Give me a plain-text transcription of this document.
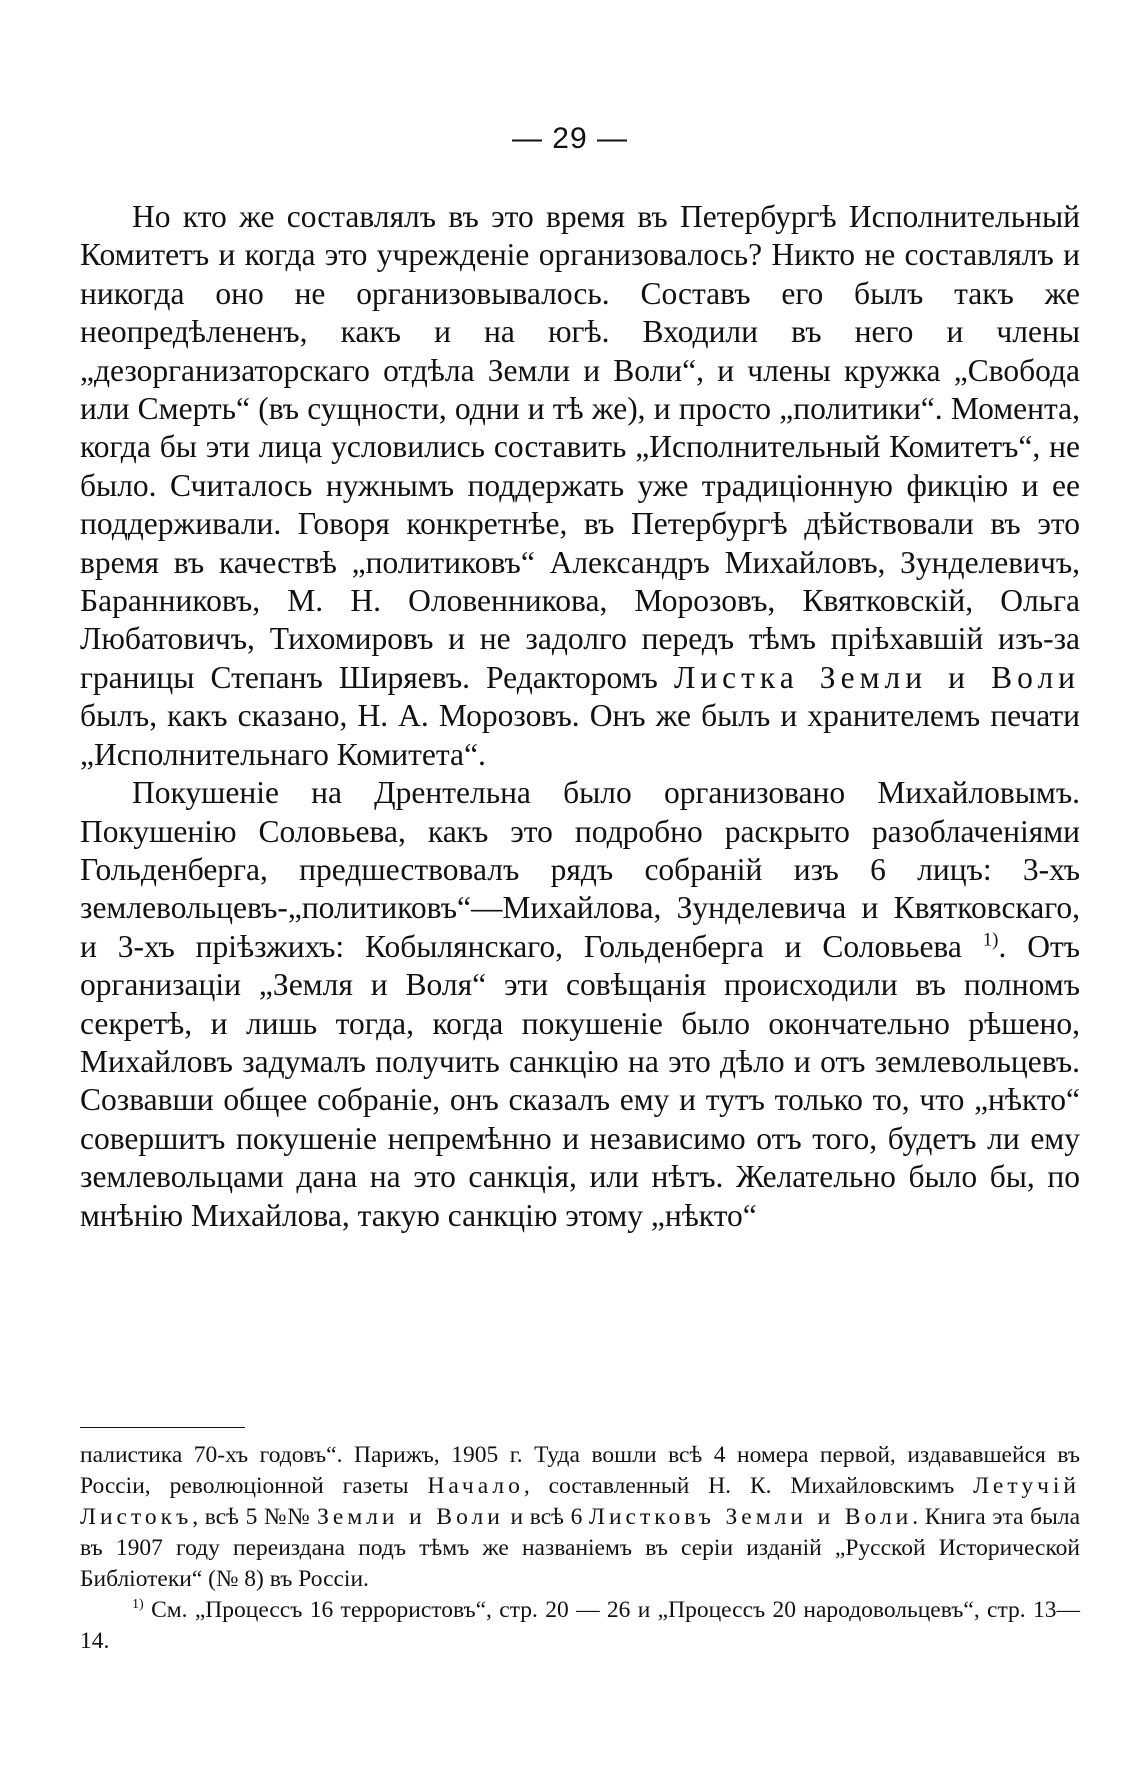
— 29 —

Но кто же составлялъ въ это время въ Петербургѣ Исполнительный Комитетъ и когда это учрежденіе организовалось? Никто не составлялъ и никогда оно не организовывалось. Составъ его былъ такъ же неопредѣлененъ, какъ и на югѣ. Входили въ него и члены „дезорганизаторскаго отдѣла Земли и Воли“, и члены кружка „Свобода или Смерть“ (въ сущности, одни и тѣ же), и просто „политики“. Момента, когда бы эти лица условились составить „Исполнительный Комитетъ“, не было. Считалось нужнымъ поддержать уже традиціонную фикцію и ее поддерживали. Говоря конкретнѣе, въ Петербургѣ дѣйствовали въ это время въ качествѣ „политиковъ“ Александръ Михайловъ, Зунделевичъ, Баранниковъ, М. Н. Оловенникова, Морозовъ, Квятковскій, Ольга Любатовичъ, Тихомировъ и не задолго передъ тѣмъ пріѣхавшій изъ-за границы Степанъ Ширяевъ. Редакторомъ Листка Земли и Воли былъ, какъ сказано, Н. А. Морозовъ. Онъ же былъ и хранителемъ печати „Исполнительнаго Комитета“.

Покушеніе на Дрентельна было организовано Михайловымъ. Покушенію Соловьева, какъ это подробно раскрыто разоблаченіями Гольденберга, предшествовалъ рядъ собраній изъ 6 лицъ: 3-хъ землевольцевъ-„политиковъ“—Михайлова, Зунделевича и Квятковскаго, и 3-хъ пріѣзжихъ: Кобылянскаго, Гольденберга и Соловьева $^{1)}$. Отъ организаціи „Земля и Воля“ эти совѣщанія происходили въ полномъ секретѣ, и лишь тогда, когда покушеніе было окончательно рѣшено, Михайловъ задумалъ получить санкцію на это дѣло и отъ землевольцевъ. Созвавши общее собраніе, онъ сказалъ ему и тутъ только то, что „нѣкто“ совершитъ покушеніе непремѣнно и независимо отъ того, будетъ ли ему землевольцами дана на это санкція, или нѣтъ. Желательно было бы, по мнѣнію Михайлова, такую санкцію этому „нѣкто“

палистика 70-хъ годовъ“. Парижъ, 1905 г. Туда вошли всѣ 4 номера первой, издававшейся въ Россіи, революціонной газеты Начало, составленный Н. К. Михайловскимъ Летучій Листокъ, всѣ 5 №№ Земли и Воли и всѣ 6 Листковъ Земли и Воли. Книга эта была въ 1907 году переиздана подъ тѣмъ же названіемъ въ серіи изданій „Русской Исторической Библіотеки“ (№ 8) въ Россіи.

$^{1)}$ См. „Процессъ 16 террористовъ“, стр. 20 — 26 и „Процессъ 20 народовольцевъ“, стр. 13—14.
